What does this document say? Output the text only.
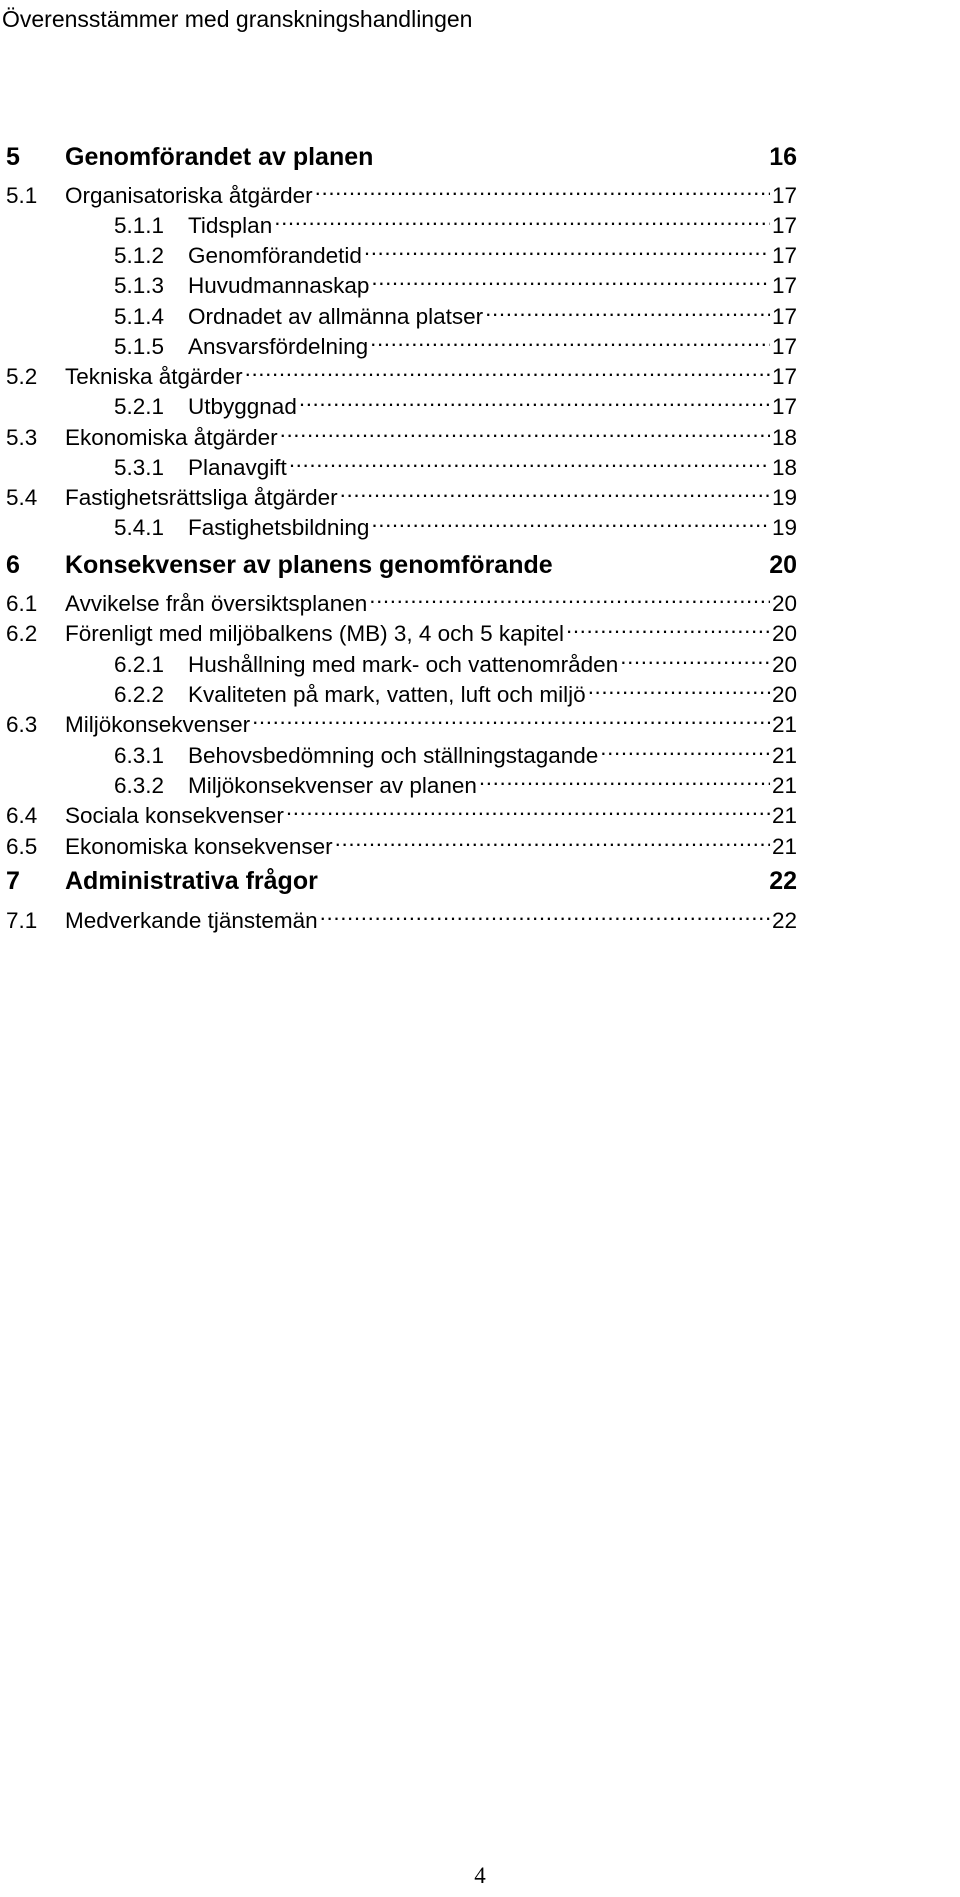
Överensstämmer med granskningshandlingen
5	Genomförandet av planen	16
5.1	Organisatoriska åtgärder .....	17
5.1.1	Tidsplan .....	17
5.1.2	Genomförandetid .....	17
5.1.3	Huvudmannaskap .....	17
5.1.4	Ordnadet av allmänna platser .....	17
5.1.5	Ansvarsfördelning .....	17
5.2	Tekniska åtgärder .....	17
5.2.1	Utbyggnad .....	17
5.3	Ekonomiska åtgärder .....	18
5.3.1	Planavgift .....	18
5.4	Fastighetsrättsliga åtgärder .....	19
5.4.1	Fastighetsbildning .....	19
6	Konsekvenser av planens genomförande	20
6.1	Avvikelse från översiktsplanen .....	20
6.2	Förenligt med miljöbalkens (MB) 3, 4 och 5 kapitel .....	20
6.2.1	Hushållning med mark- och vattenområden .....	20
6.2.2	Kvaliteten på mark, vatten, luft och miljö .....	20
6.3	Miljökonsekvenser .....	21
6.3.1	Behovsbedömning och ställningstagande .....	21
6.3.2	Miljökonsekvenser av planen .....	21
6.4	Sociala konsekvenser .....	21
6.5	Ekonomiska konsekvenser .....	21
7	Administrativa frågor	22
7.1	Medverkande tjänstemän .....	22
4
